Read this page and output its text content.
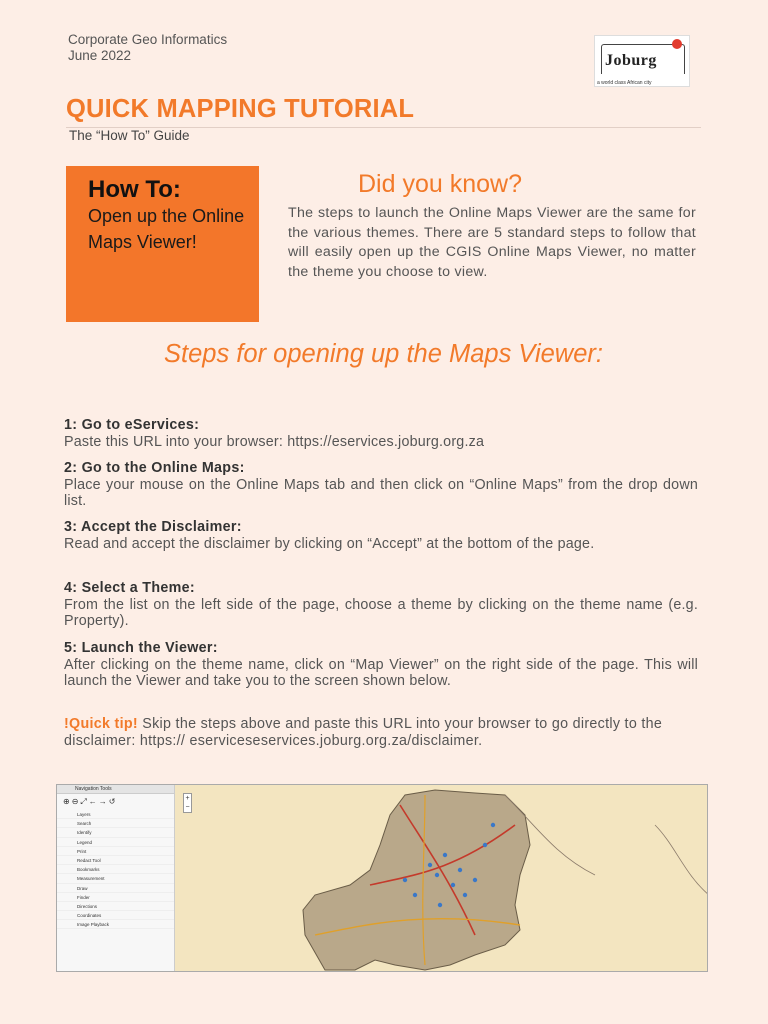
Corporate Geo Informatics
June 2022	Joburg
a world class African city
QUICK MAPPING TUTORIAL
The “How To” Guide
How To:

Open up the Online Maps Viewer!

Did you know?
The steps to launch the Online Maps Viewer are the same for the various themes. There are 5 standard steps to follow that will easily open up the CGIS Online Maps Viewer, no matter the theme you choose to view.
Steps for opening up the Maps Viewer:
1: Go to eServices:
Paste this URL into your browser: https://eservices.joburg.org.za
2: Go to the Online Maps:
Place your mouse on the Online Maps tab and then click on “Online Maps” from the drop down list.
3: Accept the Disclaimer:
Read and accept the disclaimer by clicking on “Accept” at the bottom of the page.
4: Select a Theme:
From the list on the left side of the page, choose a theme by clicking on the theme name (e.g. Property).
5: Launch the Viewer:
After clicking on the theme name, click on “Map Viewer” on the right side of the page. This will launch the Viewer and take you to the screen shown below.
!Quick tip! Skip the steps above and paste this URL into your browser to go directly to the disclaimer: https:// eserviceseservices.joburg.org.za/disclaimer.
Navigation Tools
⊕⊖⤢←→↺
Layers
Search
Identify
Legend
Print
Redact Tool
Bookmarks
Measurement
Draw
Finder
Directions
Coordinates
Image Playback
+
−
